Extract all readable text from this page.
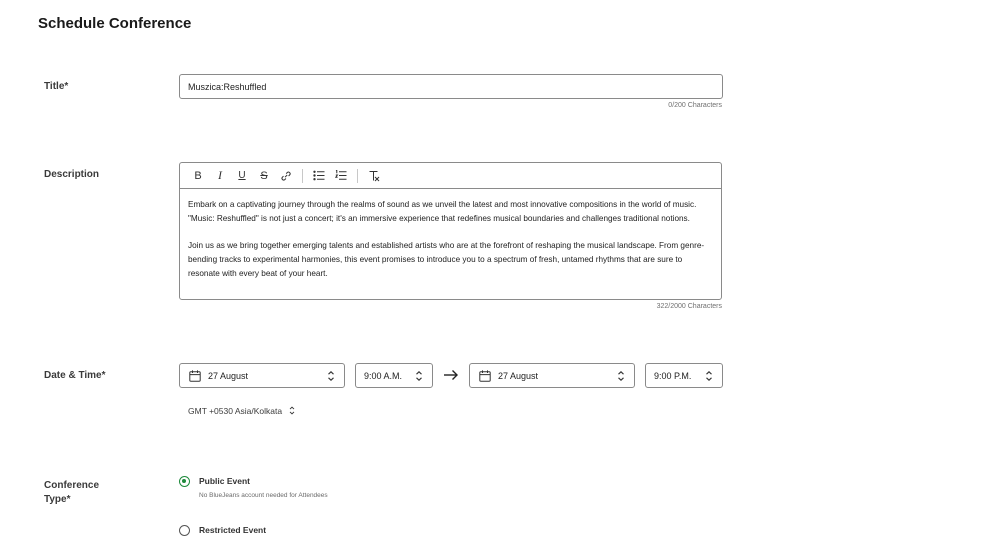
Schedule Conference
Title*
Muszica:Reshuffled
0/200 Characters
Description	B I U S

Embark on a captivating journey through the realms of sound as we unveil the latest and most innovative compositions in the world of music. "Music: Reshuffled" is not just a concert; it's an immersive experience that redefines musical boundaries and challenges traditional notions.

Join us as we bring together emerging talents and established artists who are at the forefront of reshaping the musical landscape. From genre-bending tracks to experimental harmonies, this event promises to introduce you to a spectrum of fresh, untamed rhythms that are sure to resonate with every beat of your heart.

322/2000 Characters
Date & Time*	27 August	9:00 A.M.	27 August	9:00 P.M.
GMT +0530 Asia/Kolkata
Conference
Type*
Public Event
No BlueJeans account needed for Attendees
Restricted Event
